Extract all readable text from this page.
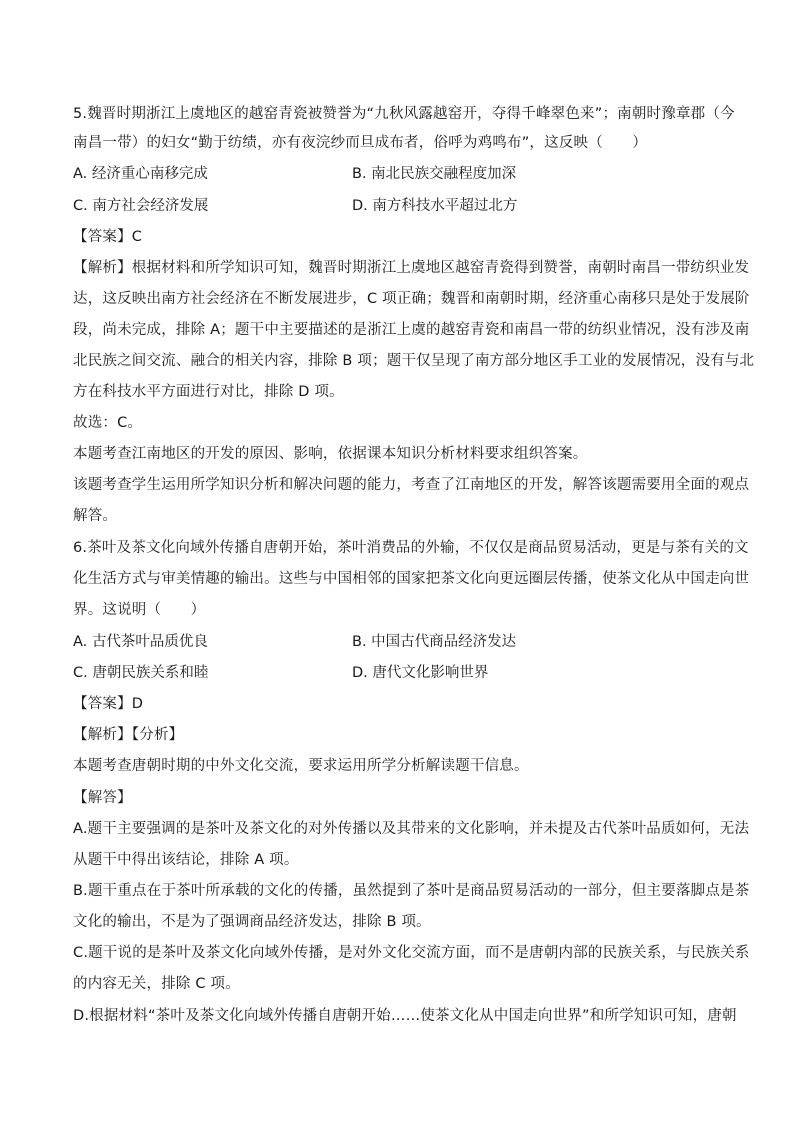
5.魏晋时期浙江上虞地区的越窑青瓷被赞誉为“九秋风露越窑开，夺得千峰翠色来”；南朝时豫章郡（今
南昌一带）的妇女“勤于纺绩，亦有夜浣纱而旦成布者，俗呼为鸡鸣布”，这反映（　　）
A. 经济重心南移完成	B. 南北民族交融程度加深
C. 南方社会经济发展	D. 南方科技水平超过北方
【答案】C
【解析】根据材料和所学知识可知，魏晋时期浙江上虞地区越窑青瓷得到赞誉，南朝时南昌一带纺织业发
达，这反映出南方社会经济在不断发展进步，C 项正确；魏晋和南朝时期，经济重心南移只是处于发展阶
段，尚未完成，排除 A；题干中主要描述的是浙江上虞的越窑青瓷和南昌一带的纺织业情况，没有涉及南
北民族之间交流、融合的相关内容，排除 B 项；题干仅呈现了南方部分地区手工业的发展情况，没有与北
方在科技水平方面进行对比，排除 D 项。
故选：C。
本题考查江南地区的开发的原因、影响，依据课本知识分析材料要求组织答案。
该题考查学生运用所学知识分析和解决问题的能力，考查了江南地区的开发，解答该题需要用全面的观点
解答。
6.茶叶及茶文化向域外传播自唐朝开始，茶叶消费品的外输，不仅仅是商品贸易活动，更是与茶有关的文
化生活方式与审美情趣的输出。这些与中国相邻的国家把茶文化向更远圈层传播，使茶文化从中国走向世
界。这说明（　　）
A. 古代茶叶品质优良	B. 中国古代商品经济发达
C. 唐朝民族关系和睦	D. 唐代文化影响世界
【答案】D
【解析】【分析】
本题考查唐朝时期的中外文化交流，要求运用所学分析解读题干信息。
【解答】
A.题干主要强调的是茶叶及茶文化的对外传播以及其带来的文化影响，并未提及古代茶叶品质如何，无法
从题干中得出该结论，排除 A 项。
B.题干重点在于茶叶所承载的文化的传播，虽然提到了茶叶是商品贸易活动的一部分，但主要落脚点是茶
文化的输出，不是为了强调商品经济发达，排除 B 项。
C.题干说的是茶叶及茶文化向域外传播，是对外文化交流方面，而不是唐朝内部的民族关系，与民族关系
的内容无关，排除 C 项。
D.根据材料“茶叶及茶文化向域外传播自唐朝开始……使茶文化从中国走向世界”和所学知识可知，唐朝
